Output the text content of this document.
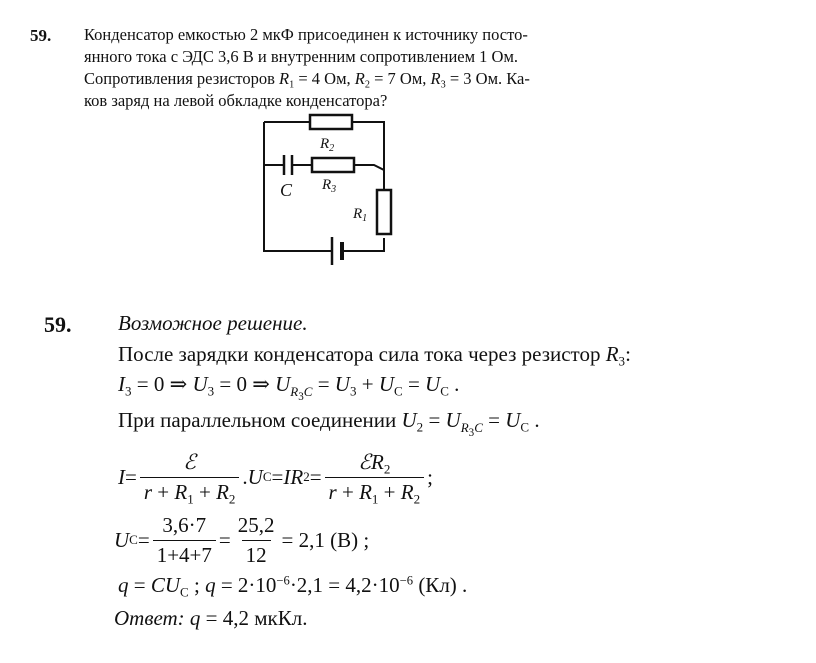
59. Конденсатор емкостью 2 мкФ присоединен к источнику посто-
янного тока с ЭДС 3,6 В и внутренним сопротивлением 1 Ом.
Сопротивления резисторов $R_1 = 4$ Ом, $R_2 = 7$ Ом, $R_3 = 3$ Ом. Ка-
ков заряд на левой обкладке конденсатора?
$R_2$
C $R_3$
$R_1$
59. Возможное решение.
После зарядки конденсатора сила тока через резистор $R_3$:
$I_3 = 0$ ⇒ $U_3 = 0$ ⇒ $U_{R_3C} = U_3 + U_C = U_C$ .
При параллельном соединении $U_2 = U_{R_3C} = U_C$ .
$I = \frac{\text{ℰ}}{r + R_1 + R_2}$ . U C = IR $2 = \frac{ℰR_2}{r + R_1 + R_2}$ ;
U $C = \frac{3,6\cdot 7}{1+4+7} = \frac{25,2}{12} = 2,1$ (В) ;
$q = CU_C$ ; $q = 2\cdot 10^{-6}\cdot 2,1 = 4,2\cdot 10^{-6}$ (Кл) .
Ответ: q = 4,2 мкКл.
